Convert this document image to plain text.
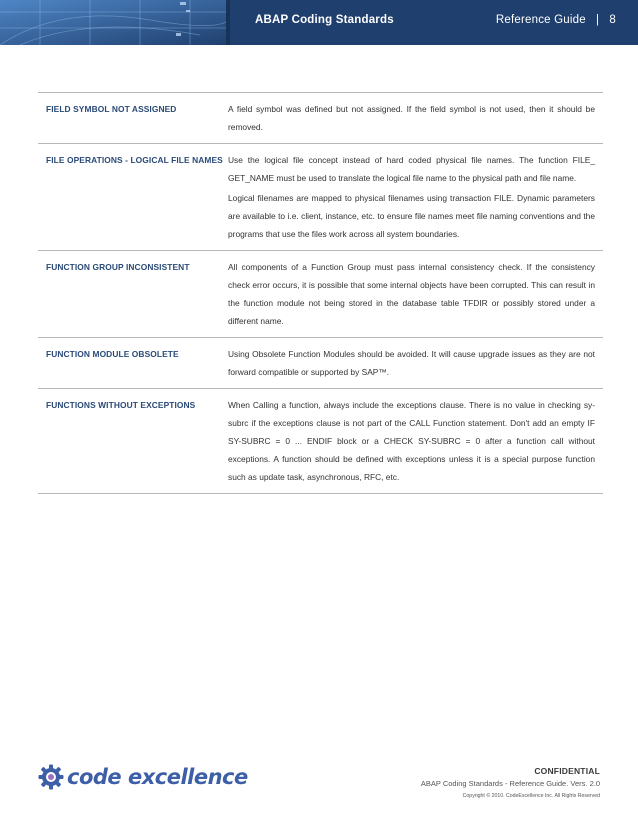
ABAP Coding Standards	Reference Guide | 8
FIELD SYMBOL NOT ASSIGNED	A field symbol was defined but not assigned. If the field symbol is not used, then it should be removed.

FILE OPERATIONS - LOGICAL FILE NAMES Use the logical file concept instead of hard coded physical file names. The function FILE_ GET_NAME must be used to translate the logical file name to the physical path and file name.

Logical filenames are mapped to physical filenames using transaction FILE. Dynamic parameters are available to i.e. client, instance, etc. to ensure file names meet file naming conventions and the programs that use the files work across all system boundaries.

FUNCTION GROUP INCONSISTENT	All components of a Function Group must pass internal consistency check. If the consistency check error occurs, it is possible that some internal objects have been corrupted. This can result in the function module not being stored in the database table TFDIR or possibly stored under a different name.

FUNCTION MODULE OBSOLETE	Using Obsolete Function Modules should be avoided. It will cause upgrade issues as they are not forward compatible or supported by SAP™.

FUNCTIONS WITHOUT EXCEPTIONS	When Calling a function, always include the exceptions clause. There is no value in checking sy-subrc if the exceptions clause is not part of the CALL Function statement. Don't add an empty IF SY-SUBRC = 0 ... ENDIF block or a CHECK SY-SUBRC = 0 after a function call without exceptions. A function should be defined with exceptions unless it is a special purpose function such as update task, asynchronous, RFC, etc.

code excellence	CONFIDENTIAL
ABAP Coding Standards - Reference Guide. Vers. 2.0
Copyright © 2010. CodeExcellence Inc. All Rights Reserved
